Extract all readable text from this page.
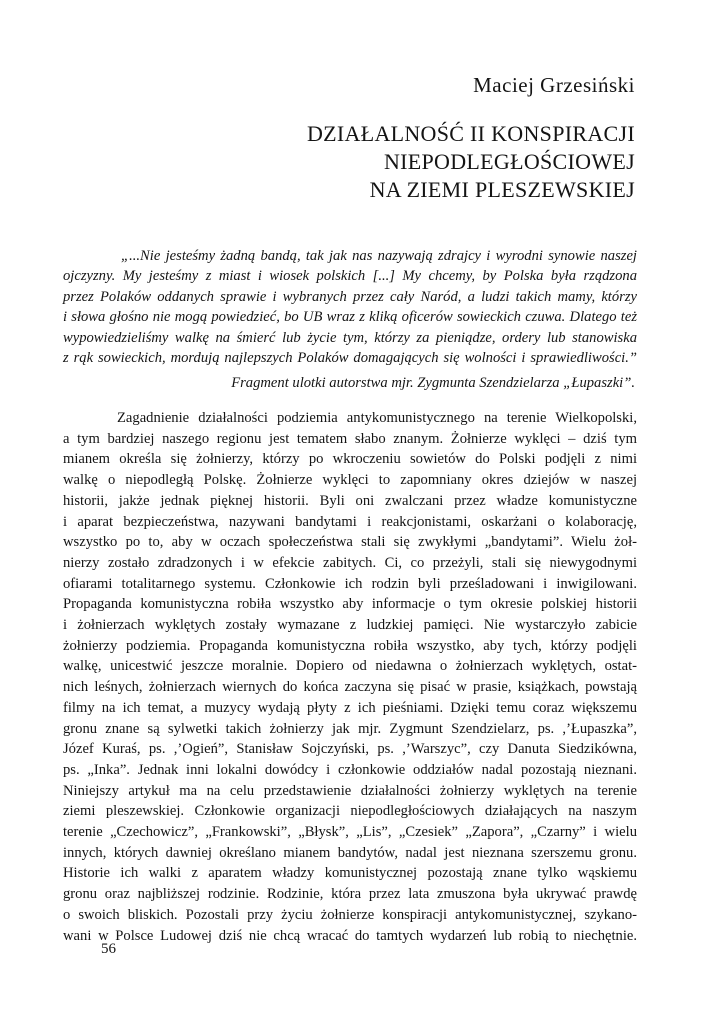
Maciej Grzesiński
DZIAŁALNOŚĆ II KONSPIRACJI
NIEPODLEGŁOŚCIOWEJ
NA ZIEMI PLESZEWSKIEJ
„...Nie jesteśmy żadną bandą, tak jak nas nazywają zdrajcy i wyrodni synowie naszej
ojczyzny. My jesteśmy z miast i wiosek polskich [...] My chcemy, by Polska była rządzona
przez Polaków oddanych sprawie i wybranych przez cały Naród, a ludzi takich mamy, którzy
i słowa głośno nie mogą powiedzieć, bo UB wraz z kliką oficerów sowieckich czuwa. Dlatego też
wypowiedzieliśmy walkę na śmierć lub życie tym, którzy za pieniądze, ordery lub stanowiska
z rąk sowieckich, mordują najlepszych Polaków domagających się wolności i sprawiedliwości.”
Fragment ulotki autorstwa mjr. Zygmunta Szendzielarza „Łupaszki”.
Zagadnienie działalności podziemia antykomunistycznego na terenie Wielkopolski,
a tym bardziej naszego regionu jest tematem słabo znanym. Żołnierze wyklęci – dziś tym
mianem określa się żołnierzy, którzy po wkroczeniu sowietów do Polski podjęli z nimi
walkę o niepodległą Polskę. Żołnierze wyklęci to zapomniany okres dziejów w naszej
historii, jakże jednak pięknej historii. Byli oni zwalczani przez władze komunistyczne
i aparat bezpieczeństwa, nazywani bandytami i reakcjonistami, oskarżani o kolaborację,
wszystko po to, aby w oczach społeczeństwa stali się zwykłymi „bandytami”. Wielu żoł-
nierzy zostało zdradzonych i w efekcie zabitych. Ci, co przeżyli, stali się niewygodnymi
ofiarami totalitarnego systemu. Członkowie ich rodzin byli prześladowani i inwigilowani.
Propaganda komunistyczna robiła wszystko aby informacje o tym okresie polskiej historii
i żołnierzach wyklętych zostały wymazane z ludzkiej pamięci. Nie wystarczyło zabicie
żołnierzy podziemia. Propaganda komunistyczna robiła wszystko, aby tych, którzy podjęli
walkę, unicestwić jeszcze moralnie. Dopiero od niedawna o żołnierzach wyklętych, ostat-
nich leśnych, żołnierzach wiernych do końca zaczyna się pisać w prasie, książkach, powstają
filmy na ich temat, a muzycy wydają płyty z ich pieśniami. Dzięki temu coraz większemu
gronu znane są sylwetki takich żołnierzy jak mjr. Zygmunt Szendzielarz, ps. ,’Łupaszka”,
Józef Kuraś, ps. ,’Ogień”, Stanisław Sojczyński, ps. ,’Warszyc”, czy Danuta Siedzikówna,
ps. „Inka”. Jednak inni lokalni dowódcy i członkowie oddziałów nadal pozostają nieznani.
Niniejszy artykuł ma na celu przedstawienie działalności żołnierzy wyklętych na terenie
ziemi pleszewskiej. Członkowie organizacji niepodległościowych działających na naszym
terenie „Czechowicz”, „Frankowski”, „Błysk”, „Lis”, „Czesiek” „Zapora”, „Czarny” i wielu
innych, których dawniej określano mianem bandytów, nadal jest nieznana szerszemu gronu.
Historie ich walki z aparatem władzy komunistycznej pozostają znane tylko wąskiemu
gronu oraz najbliższej rodzinie. Rodzinie, która przez lata zmuszona była ukrywać prawdę
o swoich bliskich. Pozostali przy życiu żołnierze konspiracji antykomunistycznej, szykano-
wani w Polsce Ludowej dziś nie chcą wracać do tamtych wydarzeń lub robią to niechętnie.
56
